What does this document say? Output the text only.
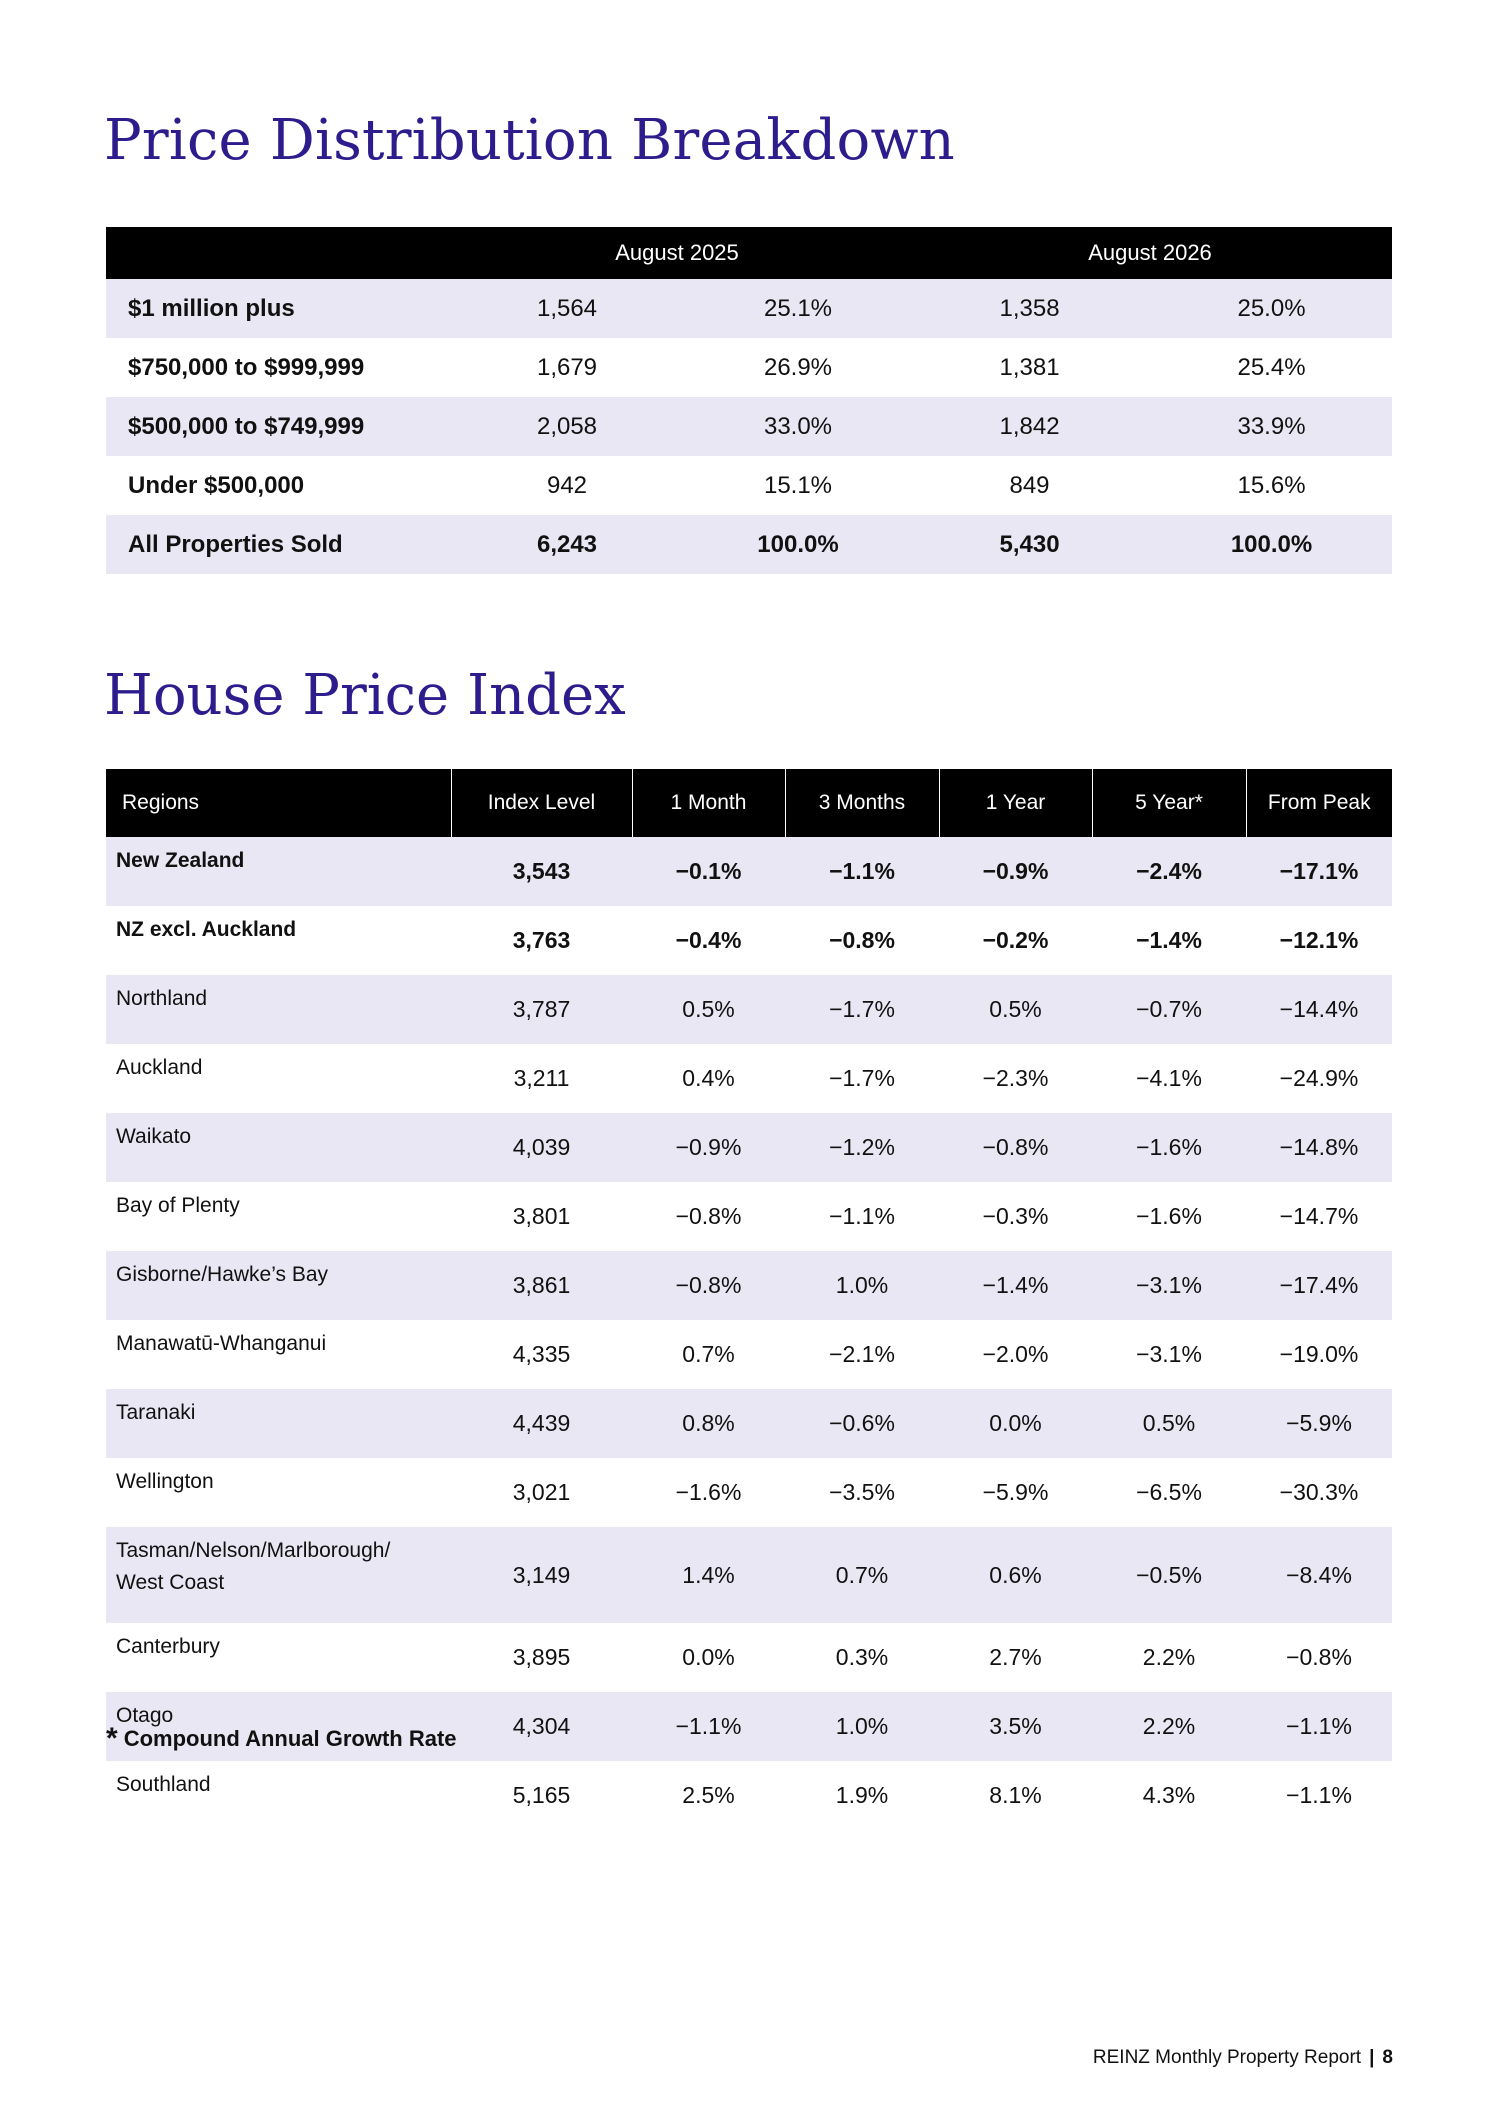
Price Distribution Breakdown
	August 2025		August 2026	
$1 million plus	1,564	25.1%	1,358	25.0%
$750,000 to $999,999	1,679	26.9%	1,381	25.4%
$500,000 to $749,999	2,058	33.0%	1,842	33.9%
Under $500,000	942	15.1%	849	15.6%
All Properties Sold	6,243	100.0%	5,430	100.0%
House Price Index
Regions	Index Level	1 Month	3 Months	1 Year	5 Year*	From Peak
New Zealand	3,543	−0.1%	−1.1%	−0.9%	−2.4%	−17.1%
NZ excl. Auckland	3,763	−0.4%	−0.8%	−0.2%	−1.4%	−12.1%
Northland	3,787	0.5%	−1.7%	0.5%	−0.7%	−14.4%
Auckland	3,211	0.4%	−1.7%	−2.3%	−4.1%	−24.9%
Waikato	4,039	−0.9%	−1.2%	−0.8%	−1.6%	−14.8%
Bay of Plenty	3,801	−0.8%	−1.1%	−0.3%	−1.6%	−14.7%
Gisborne/Hawke’s Bay	3,861	−0.8%	1.0%	−1.4%	−3.1%	−17.4%
Manawatū-Whanganui	4,335	0.7%	−2.1%	−2.0%	−3.1%	−19.0%
Taranaki	4,439	0.8%	−0.6%	0.0%	0.5%	−5.9%
Wellington	3,021	−1.6%	−3.5%	−5.9%	−6.5%	−30.3%
Tasman/Nelson/Marlborough/
West Coast	3,149	1.4%	0.7%	0.6%	−0.5%	−8.4%
Canterbury	3,895	0.0%	0.3%	2.7%	2.2%	−0.8%
Otago	4,304	−1.1%	1.0%	3.5%	2.2%	−1.1%
Southland	5,165	2.5%	1.9%	8.1%	4.3%	−1.1%
* Compound Annual Growth Rate
REINZ Monthly Property Report | 8
